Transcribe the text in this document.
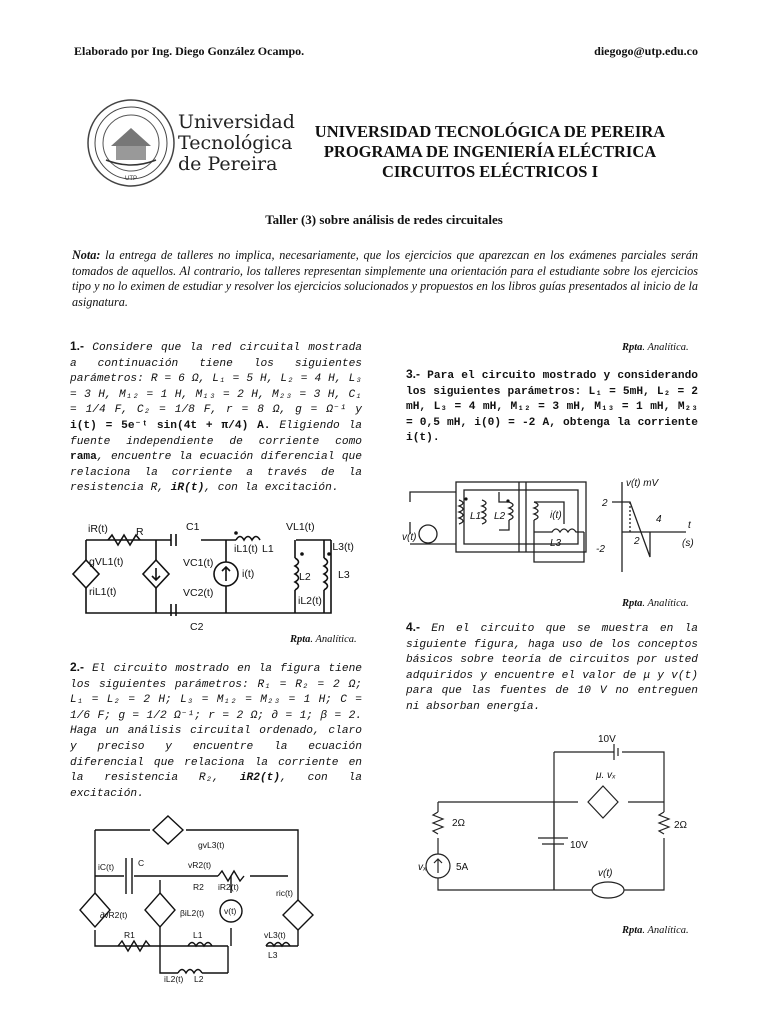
Elaborado por Ing. Diego González Ocampo.	diegogo@utp.edu.co
UTP
Universidad
Tecnológica
de Pereira
UNIVERSIDAD TECNOLÓGICA DE PEREIRA
PROGRAMA DE INGENIERÍA ELÉCTRICA
CIRCUITOS ELÉCTRICOS I
Taller (3) sobre análisis de redes circuitales
Nota: la entrega de talleres no implica, necesariamente, que los ejercicios que aparezcan en los exámenes parciales serán tomados de aquellos. Al contrario, los talleres representan simplemente una orientación para el estudiante sobre los ejercicios tipo y no lo eximen de estudiar y resolver los ejercicios solucionados y propuestos en los libros guías presentados al inicio de la asignatura.
1.- Considere que la red circuital mostrada a continuación tiene los siguientes parámetros: R = 6 Ω, L₁ = 5 H, L₂ = 4 H, L₃ = 3 H, M₁₂ = 1 H, M₁₃ = 2 H, M₂₃ = 3 H, C₁ = 1/4 F, C₂ = 1/8 F, r = 8 Ω, g = Ω⁻¹ y i(t) = 5e⁻ᵗ sin(4t + π/4) A. Eligiendo la fuente independiente de corriente como rama, encuentre la ecuación diferencial que relaciona la corriente a través de la resistencia R, iR(t), con la excitación.
iR(t)	R	C1	VL1(t)
gVL1(t)	VC1(t)
iL1(t) L1
i(t)
iL3(t)
L2	L3
riL1(t)	VC2(t)
iL2(t)
C2
Rpta. Analítica.
2.- El circuito mostrado en la figura tiene los siguientes parámetros: R₁ = R₂ = 2 Ω; L₁ = L₂ = 2 H; L₃ = M₁₂ = M₂₃ = 1 H; C = 1/6 F; g = 1/2 Ω⁻¹; r = 2 Ω; ∂ = 1; β = 2. Haga un análisis circuital ordenado, claro y preciso y encuentre la ecuación diferencial que relaciona la corriente en la resistencia R₂, iR2(t), con la excitación.
gvL3(t)
iC(t)	C	vR2(t)
R2 iR2(t)
∂vR2(t)	βiL2(t) v(t)
ric(t)
R1	L1	vL3(t)
L3
iL2(t) L2
Rpta. Analítica.
3.- Para el circuito mostrado y considerando los siguientes parámetros: L₁ = 5mH, L₂ = 2 mH, L₃ = 4 mH, M₁₂ = 3 mH, M₁₃ = 1 mH, M₂₃ = 0,5 mH, i(0) = -2 A, obtenga la corriente i(t).
v(t)
L1 L2
L3
i(t)
v(t) mV
t
(s)
2
-2
2
4
Rpta. Analítica.
4.- En el circuito que se muestra en la siguiente figura, haga uso de los conceptos básicos sobre teoría de circuitos por usted adquiridos y encuentre el valor de μ y v(t) para que las fuentes de 10 V no entreguen ni absorban energía.
10V
μ. vₓ
2Ω
10V
2Ω
vₓ	5A
v(t)
Rpta. Analítica.
